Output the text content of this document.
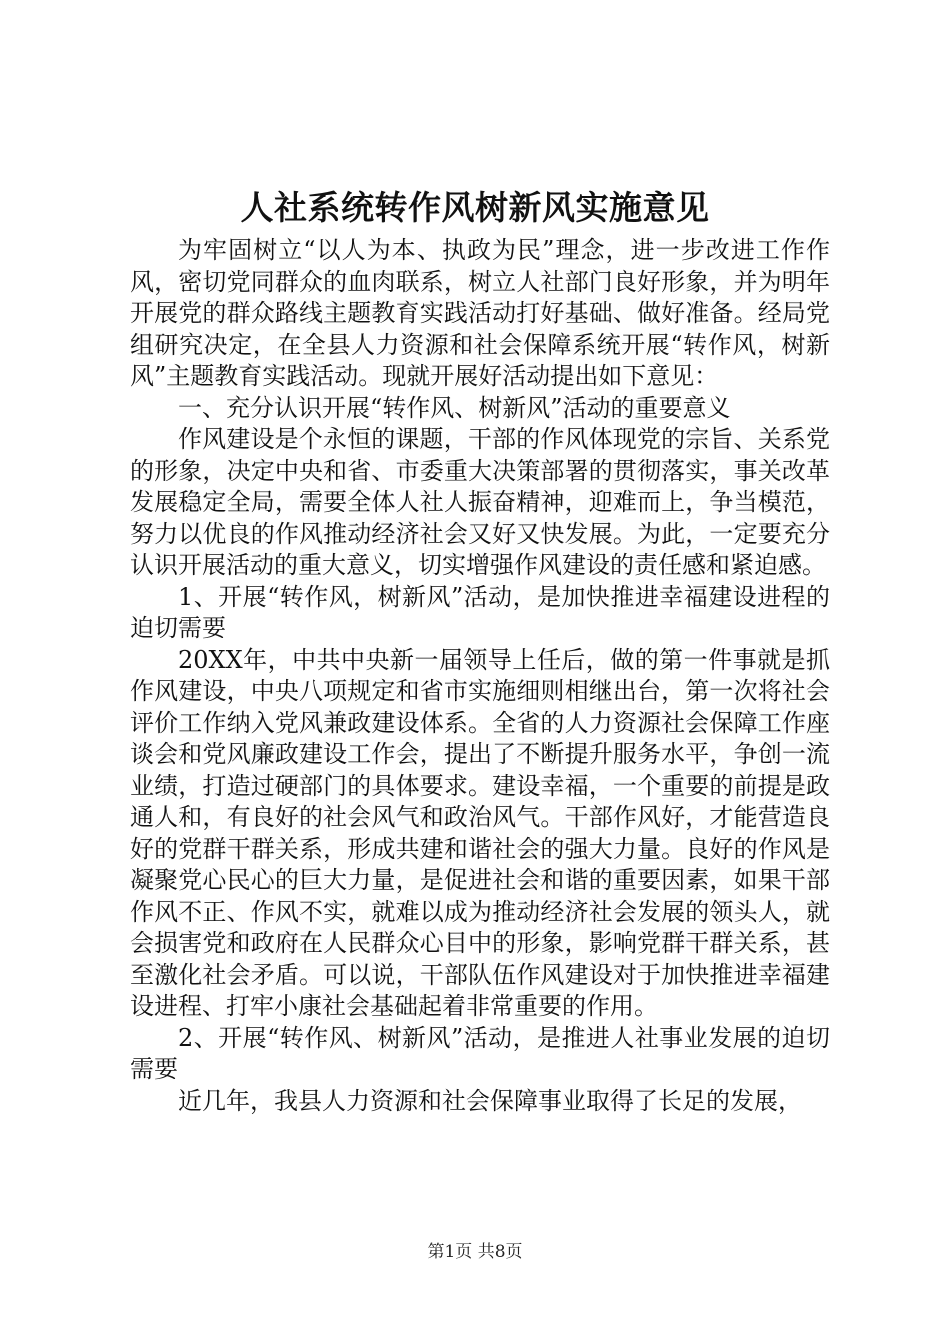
人社系统转作风树新风实施意见

为牢固树立“以人为本、执政为民”理念，进一步改进工作作风，密切党同群众的血肉联系，树立人社部门良好形象，并为明年开展党的群众路线主题教育实践活动打好基础、做好准备。经局党组研究决定，在全县人力资源和社会保障系统开展“转作风，树新风”主题教育实践活动。现就开展好活动提出如下意见：

一、充分认识开展“转作风、树新风”活动的重要意义

作风建设是个永恒的课题，干部的作风体现党的宗旨、关系党的形象，决定中央和省、市委重大决策部署的贯彻落实，事关改革发展稳定全局，需要全体人社人振奋精神，迎难而上，争当模范，努力以优良的作风推动经济社会又好又快发展。为此，一定要充分认识开展活动的重大意义，切实增强作风建设的责任感和紧迫感。

1、开展“转作风，树新风”活动，是加快推进幸福建设进程的迫切需要

20XX年，中共中央新一届领导上任后，做的第一件事就是抓作风建设，中央八项规定和省市实施细则相继出台，第一次将社会评价工作纳入党风兼政建设体系。全省的人力资源社会保障工作座谈会和党风廉政建设工作会，提出了不断提升服务水平，争创一流业绩，打造过硬部门的具体要求。建设幸福，一个重要的前提是政通人和，有良好的社会风气和政治风气。干部作风好，才能营造良好的党群干群关系，形成共建和谐社会的强大力量。良好的作风是凝聚党心民心的巨大力量，是促进社会和谐的重要因素，如果干部作风不正、作风不实，就难以成为推动经济社会发展的领头人，就会损害党和政府在人民群众心目中的形象，影响党群干群关系，甚至激化社会矛盾。可以说，干部队伍作风建设对于加快推进幸福建设进程、打牢小康社会基础起着非常重要的作用。

2、开展“转作风、树新风”活动，是推进人社事业发展的迫切需要

近几年，我县人力资源和社会保障事业取得了长足的发展，

第1页 共8页
